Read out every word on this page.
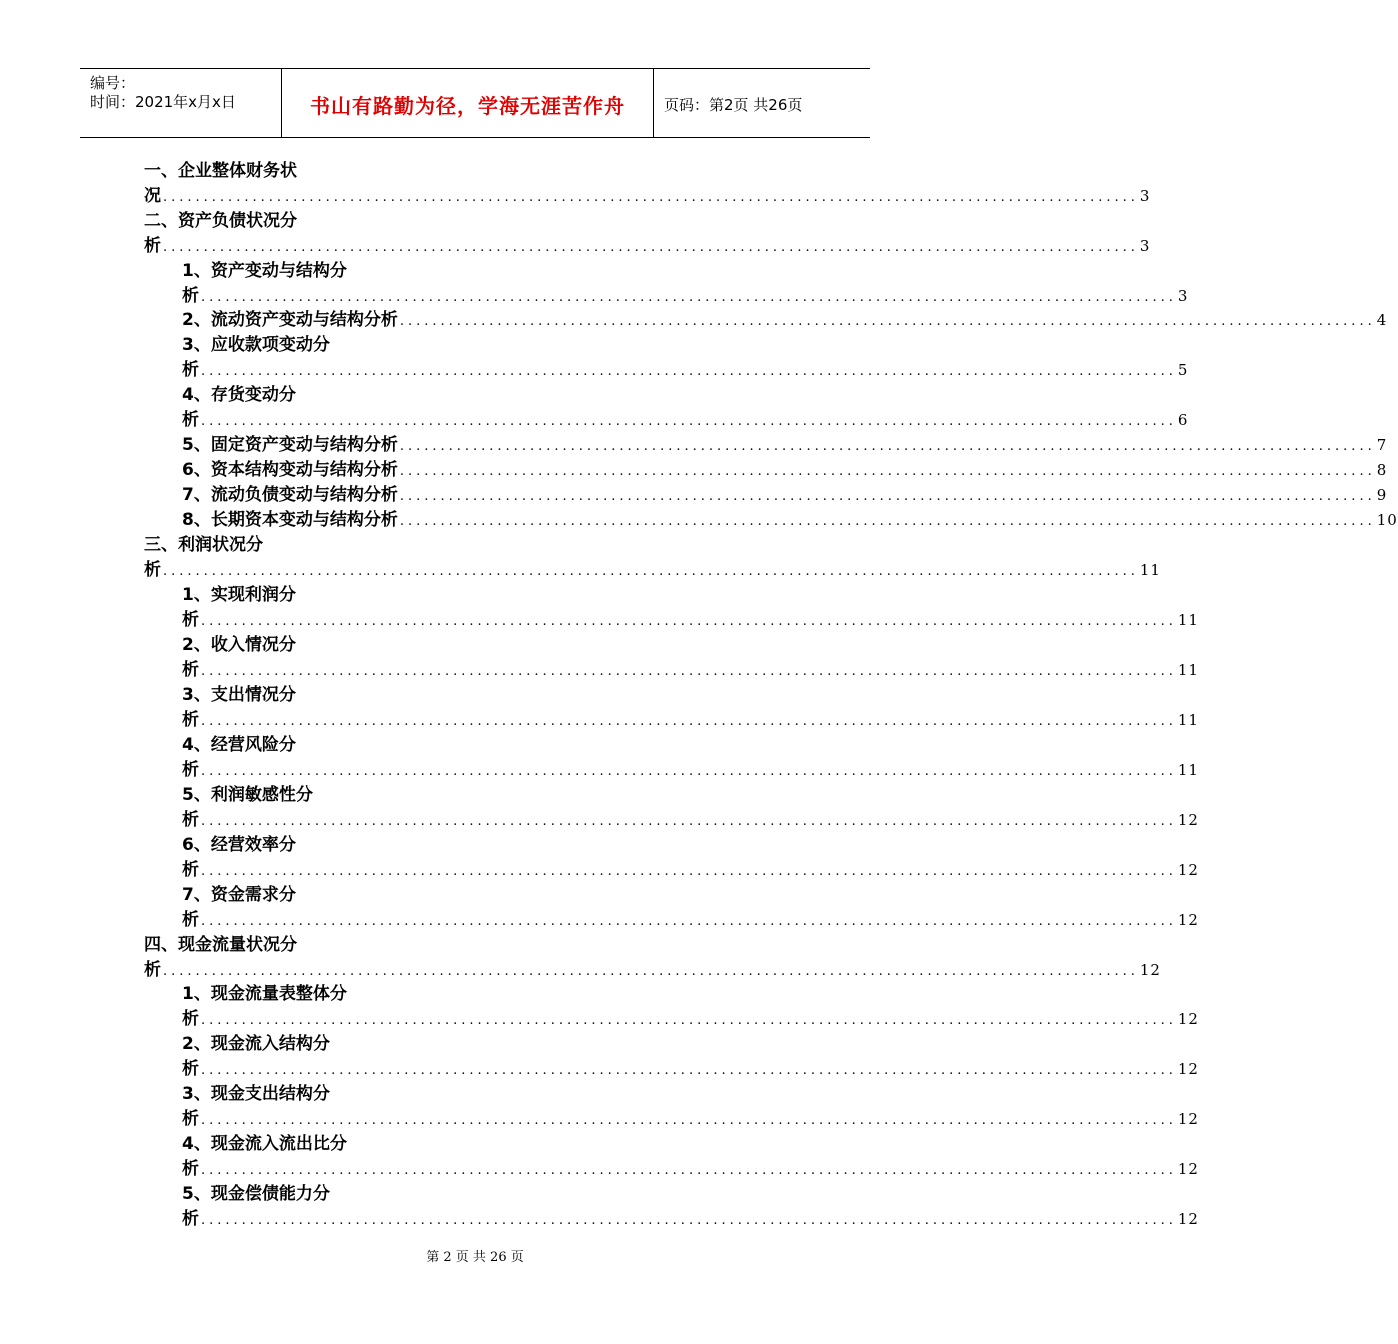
编号：
时间：2021年x月x日	书山有路勤为径，学海无涯苦作舟	页码：第2页 共26页
一、企业整体财务状
况 ........................................................................................................................ 3
二、资产负债状况分
析 ........................................................................................................................ 3
1、资产变动与结构分
析 ........................................................................................................................ 3
2、流动资产变动与结构分析 ........................................................................................................................ 4
3、应收款项变动分
析 ........................................................................................................................ 5
4、存货变动分
析 ........................................................................................................................ 6
5、固定资产变动与结构分析 ........................................................................................................................ 7
6、资本结构变动与结构分析 ........................................................................................................................ 8
7、流动负债变动与结构分析 ........................................................................................................................ 9
8、长期资本变动与结构分析 ........................................................................................................................ 10
三、利润状况分
析 ........................................................................................................................ 11
1、实现利润分
析 ........................................................................................................................ 11
2、收入情况分
析 ........................................................................................................................ 11
3、支出情况分
析 ........................................................................................................................ 11
4、经营风险分
析 ........................................................................................................................ 11
5、利润敏感性分
析 ........................................................................................................................ 12
6、经营效率分
析 ........................................................................................................................ 12
7、资金需求分
析 ........................................................................................................................ 12
四、现金流量状况分
析 ........................................................................................................................ 12
1、现金流量表整体分
析 ........................................................................................................................ 12
2、现金流入结构分
析 ........................................................................................................................ 12
3、现金支出结构分
析 ........................................................................................................................ 12
4、现金流入流出比分
析 ........................................................................................................................ 12
5、现金偿债能力分
析 ........................................................................................................................ 12
第 2 页 共 26 页
